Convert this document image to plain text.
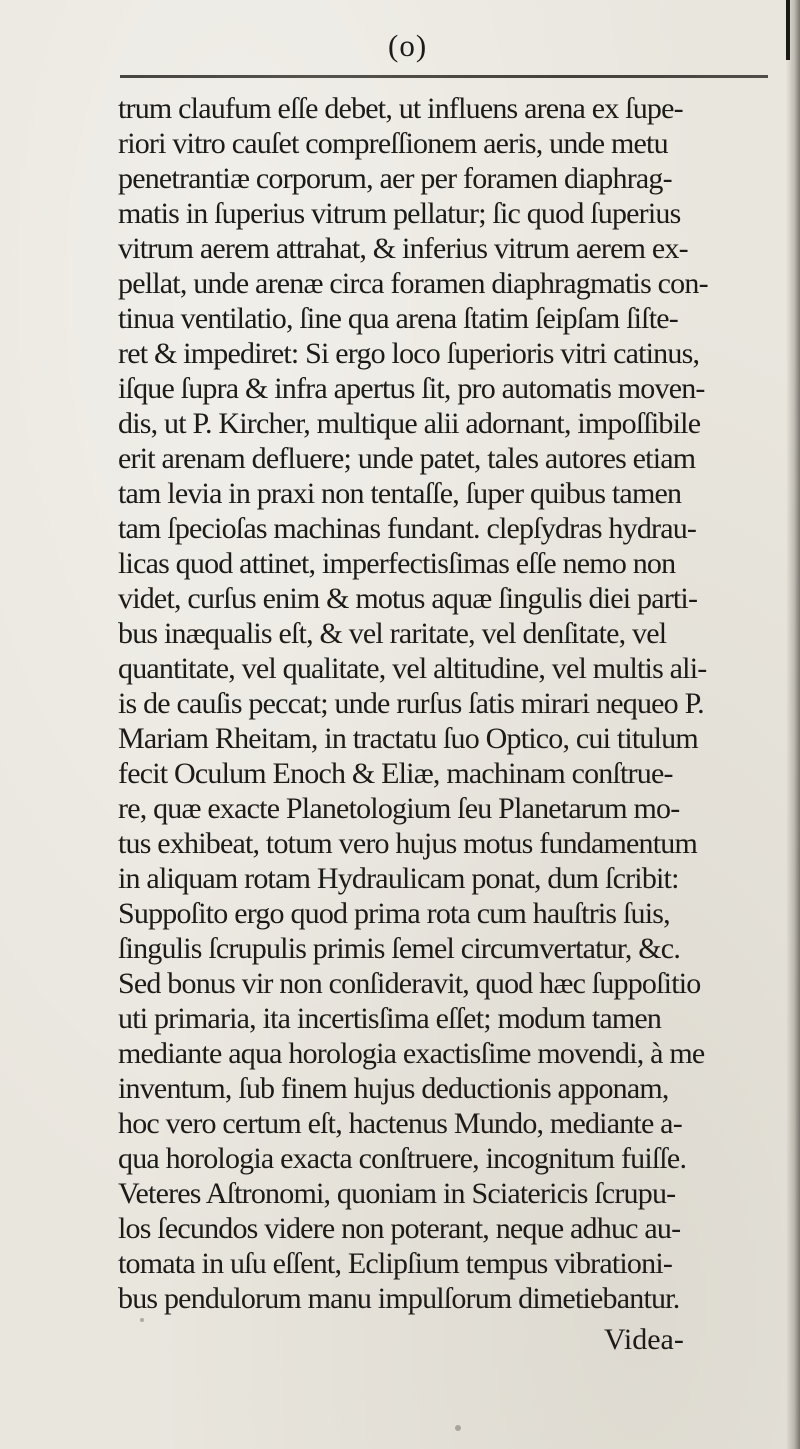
(o)
trum claufum eſſe debet, ut influens arena ex ſupe-
riori vitro cauſet compreſſionem aeris, unde metu
penetrantiæ corporum, aer per foramen diaphrag-
matis in ſuperius vitrum pellatur; ſic quod ſuperius
vitrum aerem attrahat, & inferius vitrum aerem ex-
pellat, unde arenæ circa foramen diaphragmatis con-
tinua ventilatio, ſine qua arena ſtatim ſeipſam ſiſte-
ret & impediret: Si ergo loco ſuperioris vitri catinus,
iſque ſupra & infra apertus ſit, pro automatis moven-
dis, ut P. Kircher, multique alii adornant, impoſſibile
erit arenam defluere; unde patet, tales autores etiam
tam levia in praxi non tentaſſe, ſuper quibus tamen
tam ſpecioſas machinas fundant. clepſydras hydrau-
licas quod attinet, imperfectisſimas eſſe nemo non
videt, curſus enim & motus aquæ ſingulis diei parti-
bus inæqualis eſt, & vel raritate, vel denſitate, vel
quantitate, vel qualitate, vel altitudine, vel multis ali-
is de cauſis peccat; unde rurſus ſatis mirari nequeo P.
Mariam Rheitam, in tractatu ſuo Optico, cui titulum
fecit Oculum Enoch & Eliæ, machinam conſtrue-
re, quæ exacte Planetologium ſeu Planetarum mo-
tus exhibeat, totum vero hujus motus fundamentum
in aliquam rotam Hydraulicam ponat, dum ſcribit:
Suppoſito ergo quod prima rota cum hauſtris ſuis,
ſingulis ſcrupulis primis ſemel circumvertatur, &c.
Sed bonus vir non conſideravit, quod hæc ſuppoſitio
uti primaria, ita incertisſima eſſet; modum tamen
mediante aqua horologia exactisſime movendi, à me
inventum, ſub finem hujus deductionis apponam,
hoc vero certum eſt, hactenus Mundo, mediante a-
qua horologia exacta conſtruere, incognitum fuiſſe.
Veteres Aſtronomi, quoniam in Sciatericis ſcrupu-
los ſecundos videre non poterant, neque adhuc au-
tomata in uſu eſſent, Eclipſium tempus vibrationi-
bus pendulorum manu impulſorum dimetiebantur.
Videa-
